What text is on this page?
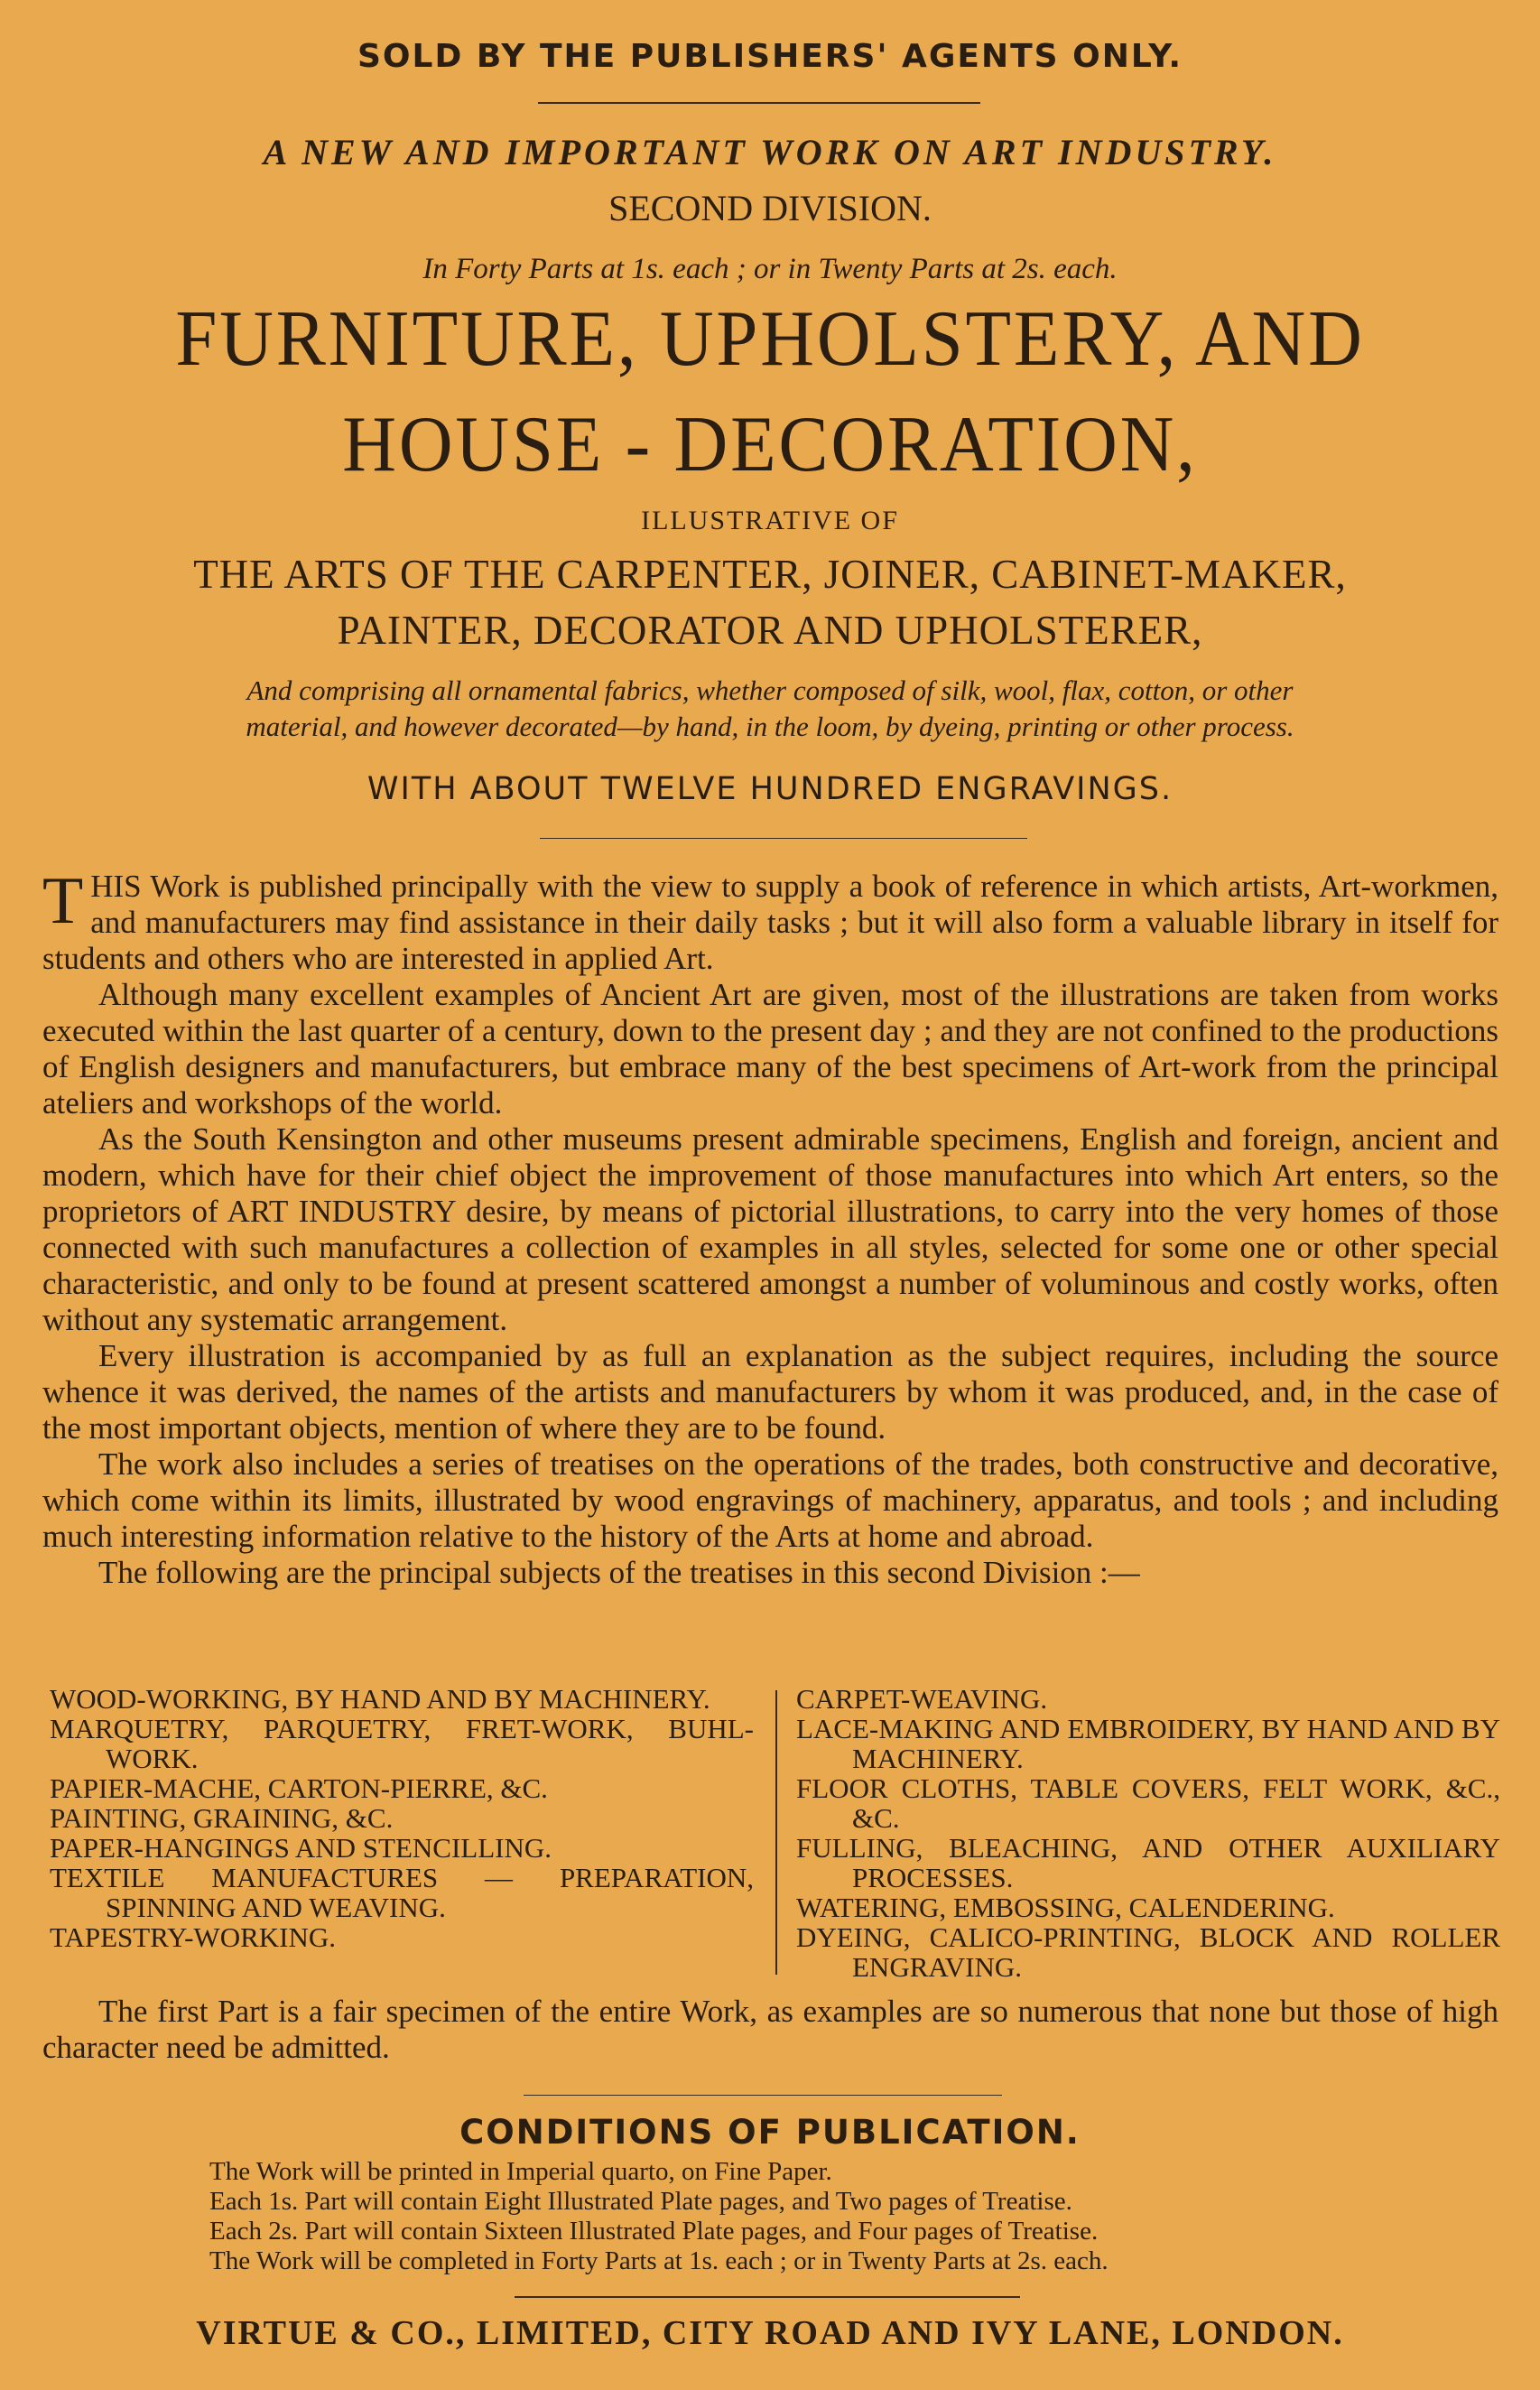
SOLD BY THE PUBLISHERS' AGENTS ONLY.
A NEW AND IMPORTANT WORK ON ART INDUSTRY.
SECOND DIVISION.
In Forty Parts at 1s. each ; or in Twenty Parts at 2s. each.
FURNITURE, UPHOLSTERY, AND
HOUSE - DECORATION,
ILLUSTRATIVE OF
THE ARTS OF THE CARPENTER, JOINER, CABINET-MAKER,
PAINTER, DECORATOR AND UPHOLSTERER,
And comprising all ornamental fabrics, whether composed of silk, wool, flax, cotton, or other
material, and however decorated—by hand, in the loom, by dyeing, printing or other process.
WITH ABOUT TWELVE HUNDRED ENGRAVINGS.

THIS Work is published principally with the view to supply a book of reference in which artists, Art-workmen, and manufacturers may find assistance in their daily tasks ; but it will also form a valuable library in itself for students and others who are interested in applied Art.

Although many excellent examples of Ancient Art are given, most of the illustrations are taken from works executed within the last quarter of a century, down to the present day ; and they are not confined to the productions of English designers and manufacturers, but embrace many of the best specimens of Art-work from the principal ateliers and workshops of the world.

As the South Kensington and other museums present admirable specimens, English and foreign, ancient and modern, which have for their chief object the improvement of those manufactures into which Art enters, so the proprietors of ART INDUSTRY desire, by means of pictorial illustrations, to carry into the very homes of those connected with such manufactures a collection of examples in all styles, selected for some one or other special characteristic, and only to be found at present scattered amongst a number of voluminous and costly works, often without any systematic arrangement.

Every illustration is accompanied by as full an explanation as the subject requires, including the source whence it was derived, the names of the artists and manufacturers by whom it was produced, and, in the case of the most important objects, mention of where they are to be found.

The work also includes a series of treatises on the operations of the trades, both constructive and decorative, which come within its limits, illustrated by wood engravings of machinery, apparatus, and tools ; and including much interesting information relative to the history of the Arts at home and abroad.

The following are the principal subjects of the treatises in this second Division :—

WOOD-WORKING, BY HAND AND BY MACHINERY.
MARQUETRY, PARQUETRY, FRET-WORK, BUHL-WORK.
PAPIER-MACHE, CARTON-PIERRE, &C.
PAINTING, GRAINING, &C.
PAPER-HANGINGS AND STENCILLING.
TEXTILE MANUFACTURES — PREPARATION, SPINNING AND WEAVING.
TAPESTRY-WORKING.
CARPET-WEAVING.
LACE-MAKING AND EMBROIDERY, BY HAND AND BY MACHINERY.
FLOOR CLOTHS, TABLE COVERS, FELT WORK, &C., &C.
FULLING, BLEACHING, AND OTHER AUXILIARY PROCESSES.
WATERING, EMBOSSING, CALENDERING.
DYEING, CALICO-PRINTING, BLOCK AND ROLLER ENGRAVING.

The first Part is a fair specimen of the entire Work, as examples are so numerous that none but those of high character need be admitted.

CONDITIONS OF PUBLICATION.
The Work will be printed in Imperial quarto, on Fine Paper.
Each 1s. Part will contain Eight Illustrated Plate pages, and Two pages of Treatise.
Each 2s. Part will contain Sixteen Illustrated Plate pages, and Four pages of Treatise.
The Work will be completed in Forty Parts at 1s. each ; or in Twenty Parts at 2s. each.
VIRTUE & CO., LIMITED, CITY ROAD AND IVY LANE, LONDON.
